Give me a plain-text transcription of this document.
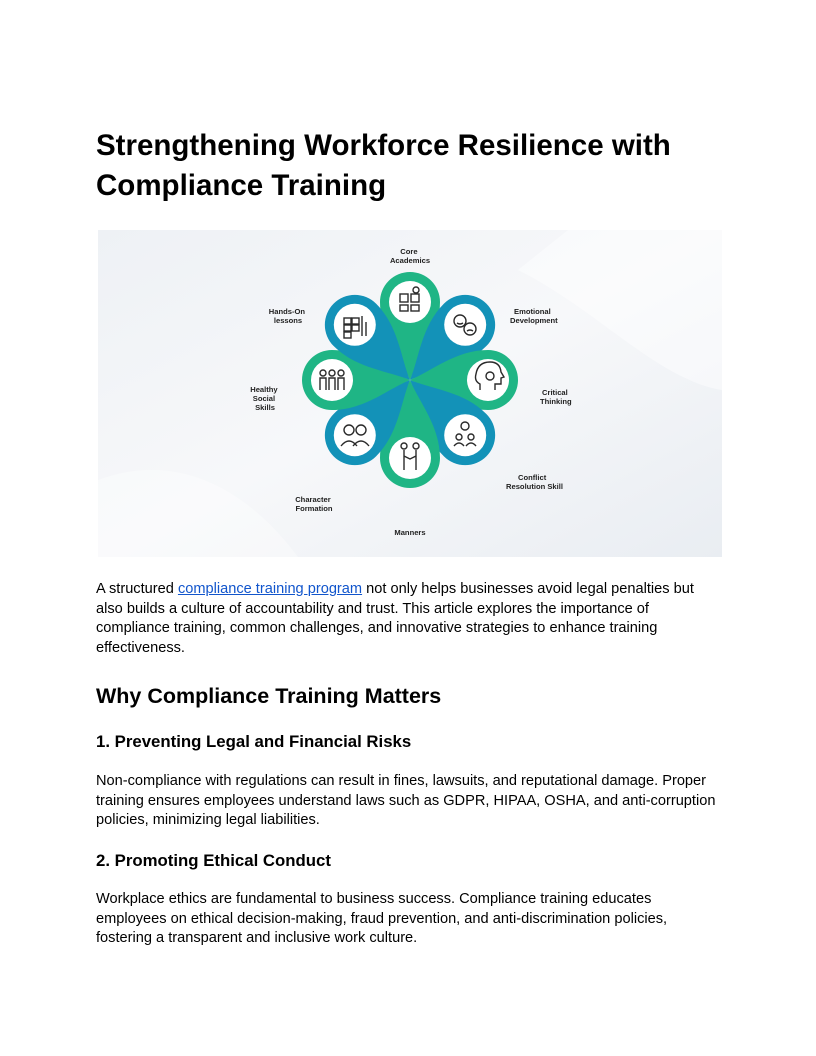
Strengthening Workforce Resilience with Compliance Training
Core Academics
Emotional Development
Critical Thinking
Conflict Resolution Skill
Manners
Character Formation
Healthy Social Skills
Hands-On lessons

A structured compliance training program not only helps businesses avoid legal penalties but also builds a culture of accountability and trust. This article explores the importance of compliance training, common challenges, and innovative strategies to enhance training effectiveness.

Why Compliance Training Matters
1. Preventing Legal and Financial Risks

Non-compliance with regulations can result in fines, lawsuits, and reputational damage. Proper training ensures employees understand laws such as GDPR, HIPAA, OSHA, and anti-corruption policies, minimizing legal liabilities.

2. Promoting Ethical Conduct

Workplace ethics are fundamental to business success. Compliance training educates employees on ethical decision-making, fraud prevention, and anti-discrimination policies, fostering a transparent and inclusive work culture.
